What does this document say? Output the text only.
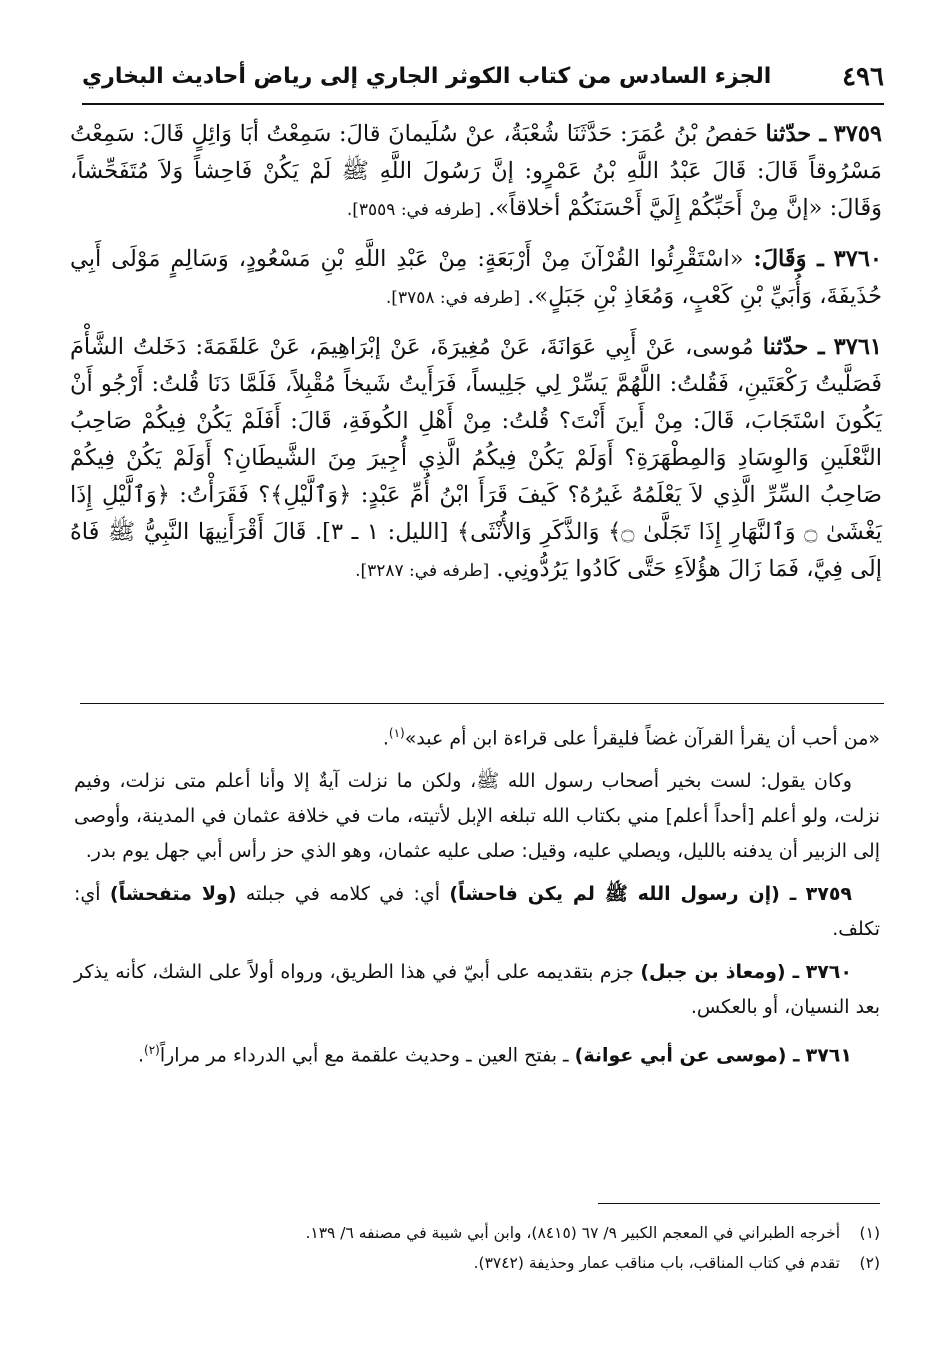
٤٩٦
الجزء السادس من كتاب الكوثر الجاري إلى رياض أحاديث البخاري

٣٧٥٩ ـ حدّثنا حَفصُ بْنُ عُمَرَ: حَدَّثَنَا شُعْبَةُ، عنْ سُلَيمانَ قالَ: سَمِعْتُ أبَا وَائِلٍ قَالَ: سَمِعْتُ مَسْرُوقاً قَالَ: قَالَ عَبْدُ اللَّهِ بْنُ عَمْرٍو: إنَّ رَسُولَ اللَّهِ ﷺ لَمْ يَكُنْ فَاحِشاً وَلاَ مُتَفَحِّشاً، وَقَالَ: «إنَّ مِنْ أَحَبِّكُمْ إِلَيَّ أَحْسَنَكُمْ أخلاقاً». [طرفه في: ٣٥٥٩].

٣٧٦٠ ـ وَقَالَ: «اسْتَقْرِئُوا القُرْآنَ مِنْ أَرْبَعَةٍ: مِنْ عَبْدِ اللَّهِ بْنِ مَسْعُودٍ، وَسَالِمٍ مَوْلَى أَبِي حُذَيفَةَ، وَأُبَيِّ بْنِ كَعْبٍ، وَمُعَاذِ بْنِ جَبَلٍ». [طرفه في: ٣٧٥٨].

٣٧٦١ ـ حدّثنا مُوسى، عَنْ أَبِي عَوَانَةَ، عَنْ مُغِيرَةَ، عَنْ إبْرَاهِيمَ، عَنْ عَلقَمَةَ: دَخَلتُ الشَّأْمَ فَصَلَّيتُ رَكْعَتَينِ، فَقُلتُ: اللَّهُمَّ يَسِّرْ لِي جَلِيساً، فَرَأَيتُ شَيخاً مُقْبِلاً، فَلَمَّا دَنَا قُلتُ: أَرْجُو أَنْ يَكُونَ اسْتَجَابَ، قَالَ: مِنْ أَينَ أَنْتَ؟ قُلتُ: مِنْ أَهْلِ الكُوفَةِ، قَالَ: أَفَلَمْ يَكُنْ فِيكُمْ صَاحِبُ النَّعْلَينِ وَالوِسَادِ وَالمِطْهَرَةِ؟ أَوَلَمْ يَكُنْ فِيكُمُ الَّذِي أُجِيرَ مِنَ الشَّيطَانِ؟ أَوَلَمْ يَكُنْ فِيكُمْ صَاحِبُ السِّرِّ الَّذِي لاَ يَعْلَمُهُ غَيرُهُ؟ كَيفَ قَرَأَ ابْنُ أُمِّ عَبْدٍ: ﴿وَٱلَّيْلِ﴾؟ فَقَرَأْتُ: ﴿وَٱلَّيْلِ إِذَا يَغْشَىٰ ۝ وَٱلنَّهَارِ إِذَا تَجَلَّىٰ ۝﴾ وَالذَّكَرِ وَالأُنْثَى﴾ [الليل: ١ ـ ٣]. قَالَ أَقْرَأَنِيهَا النَّبِيُّ ﷺ فَاهُ إلَى فِيَّ، فَمَا زَالَ هؤُلاَءِ حَتَّى كَادُوا يَرُدُّونِي. [طرفه في: ٣٢٨٧].

«من أحب أن يقرأ القرآن غضاً فليقرأ على قراءة ابن أم عبد»$^{(١)}$.

وكان يقول: لست بخير أصحاب رسول الله ﷺ، ولكن ما نزلت آيةٌ إلا وأنا أعلم متى نزلت، وفيم نزلت، ولو أعلم [أحداً أعلم] مني بكتاب الله تبلغه الإبل لأتيته، مات في خلافة عثمان في المدينة، وأوصى إلى الزبير أن يدفنه بالليل، ويصلي عليه، وقيل: صلى عليه عثمان، وهو الذي حز رأس أبي جهل يوم بدر.

٣٧٥٩ ـ (إن رسول الله ﷺ لم يكن فاحشاً) أي: في كلامه في جبلته (ولا متفحشاً) أي: تكلف.

٣٧٦٠ ـ (ومعاذ بن جبل) جزم بتقديمه على أبيّ في هذا الطريق، ورواه أولاً على الشك، كأنه يذكر بعد النسيان، أو بالعكس.

٣٧٦١ ـ (موسى عن أبي عوانة) ـ بفتح العين ـ وحديث علقمة مع أبي الدرداء مر مراراً$^{(٢)}$.

(١)
أخرجه الطبراني في المعجم الكبير ٩/ ٦٧ (٨٤١٥)، وابن أبي شيبة في مصنفه ٦/ ١٣٩.
(٢)
تقدم في كتاب المناقب، باب مناقب عمار وحذيفة (٣٧٤٢).
